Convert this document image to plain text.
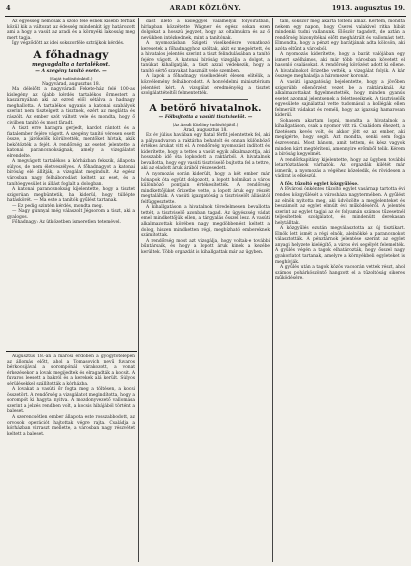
4	ARADI KÖZLÖNY.	1913. augusztus 19.

Az egyesség nemcsak a szóló felé esnek kisebb férfiak közül kik a változat az édesség mindenkit így határozott ami a hogy a vasút az aradi és a környéki lakosság meg mert tagja.

Így végződött az idei sokszorféle sztrájkok kérdés.

A főhadnagy
megvagdalta a tartalékost.
— A szegény tanító esete. —
(Saját tudósítónktól.)
Nagyvárad, augusztus 18.

Ma délelőtt a nagyváradi Fekete-ház felé 100-as kislegény az újabb kérdés tartalékos őrmestert a kaszárnyában aki az ezred elől sétálva a hadnagy meghallotta. A tartalékos ugyanis a katonai szabályok szerint nem tisztelgett a tisztnek, ezért az meglátta és rászólt. Az ember szót váltott vele és mondta, hogy ő civilben tanító és most fáradt.

A tiszt erre haragra gerjedt, kardot rántott és a fiatalember fejére vágott. A szegény tanító véresen esett össze, a járókelők körülvették, mentőket hívtak, akik bekötözték a fejét. A rendőrség az esetet jelentette a katonai parancsnokságnak, amely a vizsgálatot elrendelte.

A megvágott tartalékos a kórházban fekszik, állapota súlyos, de nem életveszélyes. A főhadnagyot a katonai bíróság elé állítják, a vizsgálat megindult. Az egész városban nagy felháborodást keltett az eset, és a tanítóegyesület is állást foglalt a dologban.

A katonai parancsnokság kijelentette, hogy a tisztet szigorúan megbüntetik, ha kiderül, hogy túllépte hatáskörét. — Ma este a tanítók gyűlést tartanak.

— Ez pedig szintén kérdés, mondta meg.

— Nagy gúnnyal még válaszolt Jégsorom a tiszt, aki a gyalogos.

Főhadnagy: Az ütközetben ismeretlen tetemével.

Augusztus 18.-án a marosi erdőben a gyógyfőtelepen az állomás előtt, ahol a Tomasovich nevű fuvaros bérkocsijával a sorompónál várakozott, a vonat érkezésekor a lovak megijedtek és elragadták a kocsit. A fuvaros leesett a bakról és a kerekek alá került. Súlyos sérülésekkel szállították a kórházba.

A lovakat a vasúti őr fogta meg a töltésen, a kocsi összetört. A rendőrség a vizsgálatot megindította, hogy a sorompót ki hagyta nyitva. A mozdonyvezető vallomása szerint a jelzés rendben volt, a kocsis hibájából történt a baleset.

A szerencsétlen ember állapota este rosszabbodott, az orvosok operációt hajtottak végre rajta. Családja a kórházban virraszt mellette, a városban nagy részvétet keltett a baleset.

dást illető a kisleggyel valamelyik folyóiratban, hírlapban közzétette Wágner és egész sokan ezen dolgokat a hosszú jegyzet, hogy az oltalmukra és az ő nevükben intézkednek, mint a tanítónak.

A nyomozásban Szigeti viselkedésre vonatkozó keresetek a főhadnagyhoz szóltak, akit ez megsértett, és a hivatalos jelentés szerint a tiszt felindulásában a tanító fejére vágott. A katonai bíróság vizsgálja a dolgot, a tanúkat kihallgatják, a tiszt azzal védekezik, hogy a tanító sértő szavakat használt vele szemben.

A lapok a főhadnagy viselkedését élesen elítélik, a közvélemény felháborodott. A honvédelmi minisztérium jelentést kért. A vizsgálat eredményéig a tisztet szolgálattételtől felmentették.

A betörő hivatalnok.
— Fölbujtotta a vasúti tisztviselőt. —
(Az Aradi Közlöny tudósítójától.)
Arad, augusztus 18.

Ez év július havában egy fiatal férfit jelentettek fel, aki a pályaudvaron a raktárba behatolt és onnan különböző értékes árukat vitt el. A rendőrség nyomozást indított és kiderítette, hogy a tettes a vasút egyik alkalmazottja, aki hosszabb idő óta lopkodott a raktárból. A hivatalnok bevallotta, hogy egy vasúti tisztviselő bujtotta fel a tettre, aki az eladott áruk árából részesedett.

A nyomozás során kiderült, hogy a két ember már hónapok óta együtt dolgozott, a lopott holmikat a város különböző pontjain értékesítették. A rendőrség mindkettőjüket őrizetbe vette, a lopott áruk egy részét megtalálták. A vasúti igazgatóság a tisztviselőt állásától felfüggesztette.

A kihallgatáson a hivatalnok töredelmesen bevallotta tettét, a tisztviselő azonban tagad. Az ügyészség vádat emel mindkettőjük ellen, a tárgyalás ősszel lesz. A vasúti alkalmazottak körében nagy megdöbbenést keltett a dolog, hiszen mindketten régi, megbízható embereknek számítottak.

A rendőrség most azt vizsgálja, hogy voltak-e további bűntársaik, és hogy a lopott áruk kinek a kezébe kerültek. Több orgazdát is kihallgattak már az ügyben.

tam, sokszor meg akarta tölteni amaz. Kértem, mondta nekem egy napon, hogy Cserei valakivel ritka hibát mindenki tudni vallanunk. Először tagadott, de aztán a rendőrség bizonyítékai előtt meghátrált és vallomást tett. Elmondta, hogy a pénzt egy barátjának adta kölcsön, aki azóta eltűnt a városból.

A nyomozás kiderítette, hogy a barát valójában egy ismert szélhámos, aki már több városban követett el hasonló csalásokat. A rendőrség körözést adott ki ellene. A hivatalnokot őrizetbe vették, a vizsgálat folyik. A kár összege meghaladja a háromezer koronát.

A vasúti igazgatóság bejelentette, hogy a jövőben szigorúbb ellenőrzést vezet be a raktáraknál. Az alkalmazottakat figyelmeztették, hogy minden gyanús esetet azonnal jelentsenek a feletteseiknek. A tisztviselők egyesülete sajnálattal vette tudomásul a kollégák ellen felmerült vádakat és reméli, hogy az igazság hamarosan kiderül.

Sohasem akartam lopni, mondta a hivatalnok a kihallgatáson, csak a nyomor vitt rá. Családom éhezett, a fizetésem kevés volt, és akkor jött ez az ember, aki megígérte, hogy segít. Azt mondta, senki sem fogja észrevenni. Most bánom, amit tettem, és kész vagyok minden kárt megtéríteni, amennyire erőmből telik. Kérem a bíróság kegyelmét.

A rendőrkapitány kijelentette, hogy az ügyben további letartóztatások várhatók. Az orgazdák kilétét már ismerik, a nyomozás a végéhez közeledik, és rövidesen a vádirat is elkészül.

A főv. tűzoltó egylet közgyűlése.

A fővárosi önkéntes tűzoltó egylet vasárnap tartotta évi rendes közgyűlését a városháza nagytermében. A gyűlést az elnök nyitotta meg, aki üdvözölte a megjelenteket és beszámolt az egylet elmúlt évi működéséről. A jelentés szerint az egylet tagjai az év folyamán számos tűzesetnél teljesítettek szolgálatot, és mindenütt derekasan helytálltak.

A közgyűlés ezután megválasztotta az új tisztikart. Elnök lett ismét a régi elnök, alelnökké a parancsnokot választották. A pénztárnok jelentése szerint az egylet anyagi helyzete kielégítő, a város évi segélyét felemelték. A gyűlés végén a tagok elhatározták, hogy ősszel nagy gyakorlatot tartanak, amelyre a környékbeli egyleteket is meghívják.

A gyűlés után a tagok közös vacsorán vettek részt, ahol számos pohárköszöntő hangzott el a tűzoltóság sikeres működésére.
